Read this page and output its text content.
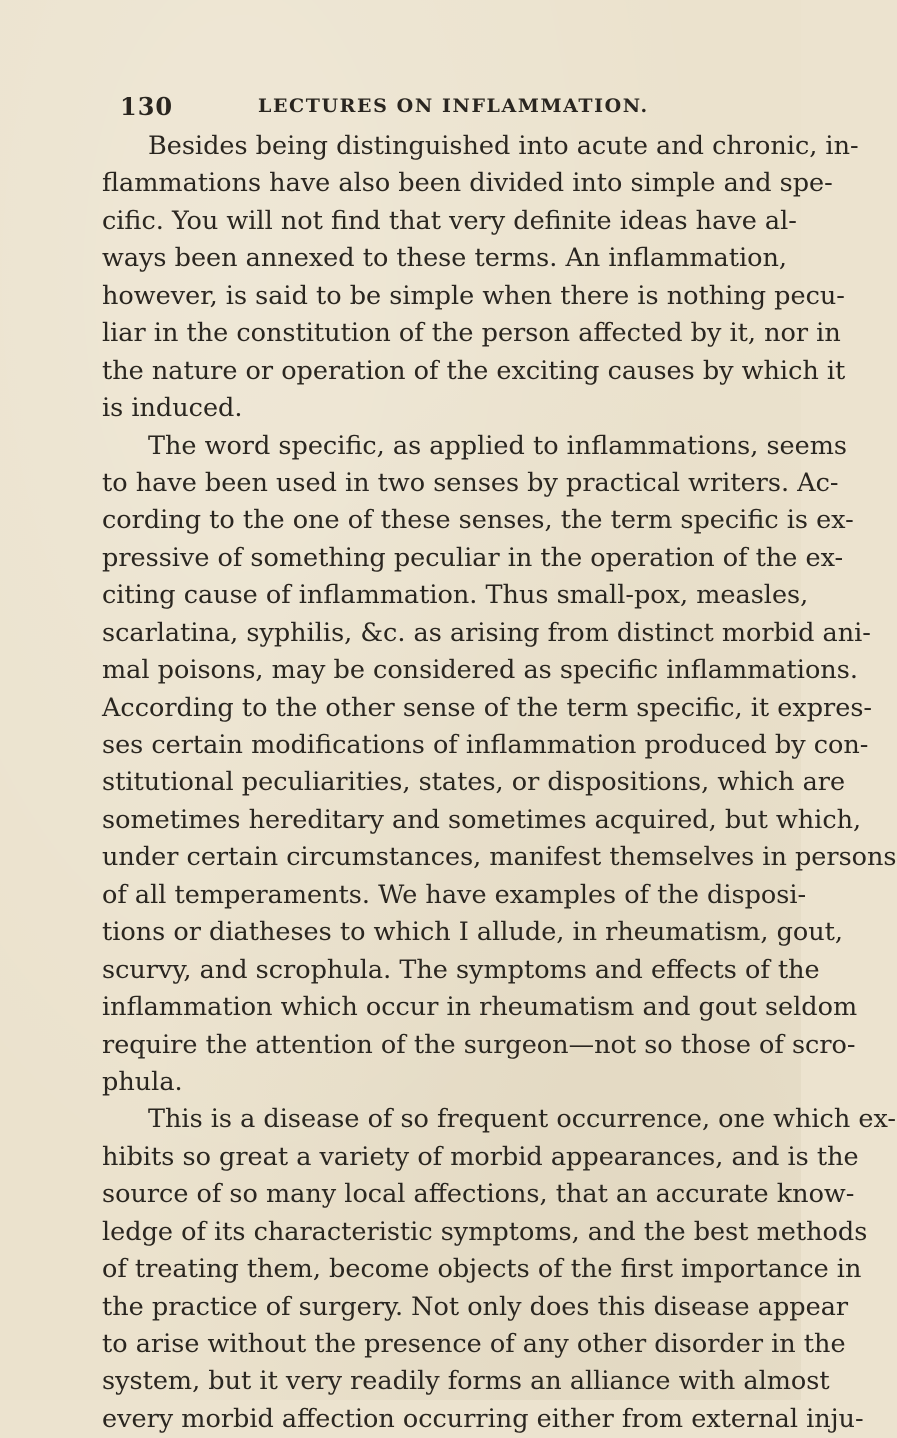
130	LECTURES ON INFLAMMATION.
Besides being distinguished into acute and chronic, in-
flammations have also been divided into simple and spe-
cific. You will not find that very definite ideas have al-
ways been annexed to these terms. An inflammation,
however, is said to be simple when there is nothing pecu-
liar in the constitution of the person affected by it, nor in
the nature or operation of the exciting causes by which it
is induced.
The word specific, as applied to inflammations, seems
to have been used in two senses by practical writers. Ac-
cording to the one of these senses, the term specific is ex-
pressive of something peculiar in the operation of the ex-
citing cause of inflammation. Thus small-pox, measles,
scarlatina, syphilis, &c. as arising from distinct morbid ani-
mal poisons, may be considered as specific inflammations.
According to the other sense of the term specific, it expres-
ses certain modifications of inflammation produced by con-
stitutional peculiarities, states, or dispositions, which are
sometimes hereditary and sometimes acquired, but which,
under certain circumstances, manifest themselves in persons
of all temperaments. We have examples of the disposi-
tions or diatheses to which I allude, in rheumatism, gout,
scurvy, and scrophula. The symptoms and effects of the
inflammation which occur in rheumatism and gout seldom
require the attention of the surgeon—not so those of scro-
phula.
This is a disease of so frequent occurrence, one which ex-
hibits so great a variety of morbid appearances, and is the
source of so many local affections, that an accurate know-
ledge of its characteristic symptoms, and the best methods
of treating them, become objects of the first importance in
the practice of surgery. Not only does this disease appear
to arise without the presence of any other disorder in the
system, but it very readily forms an alliance with almost
every morbid affection occurring either from external inju-
